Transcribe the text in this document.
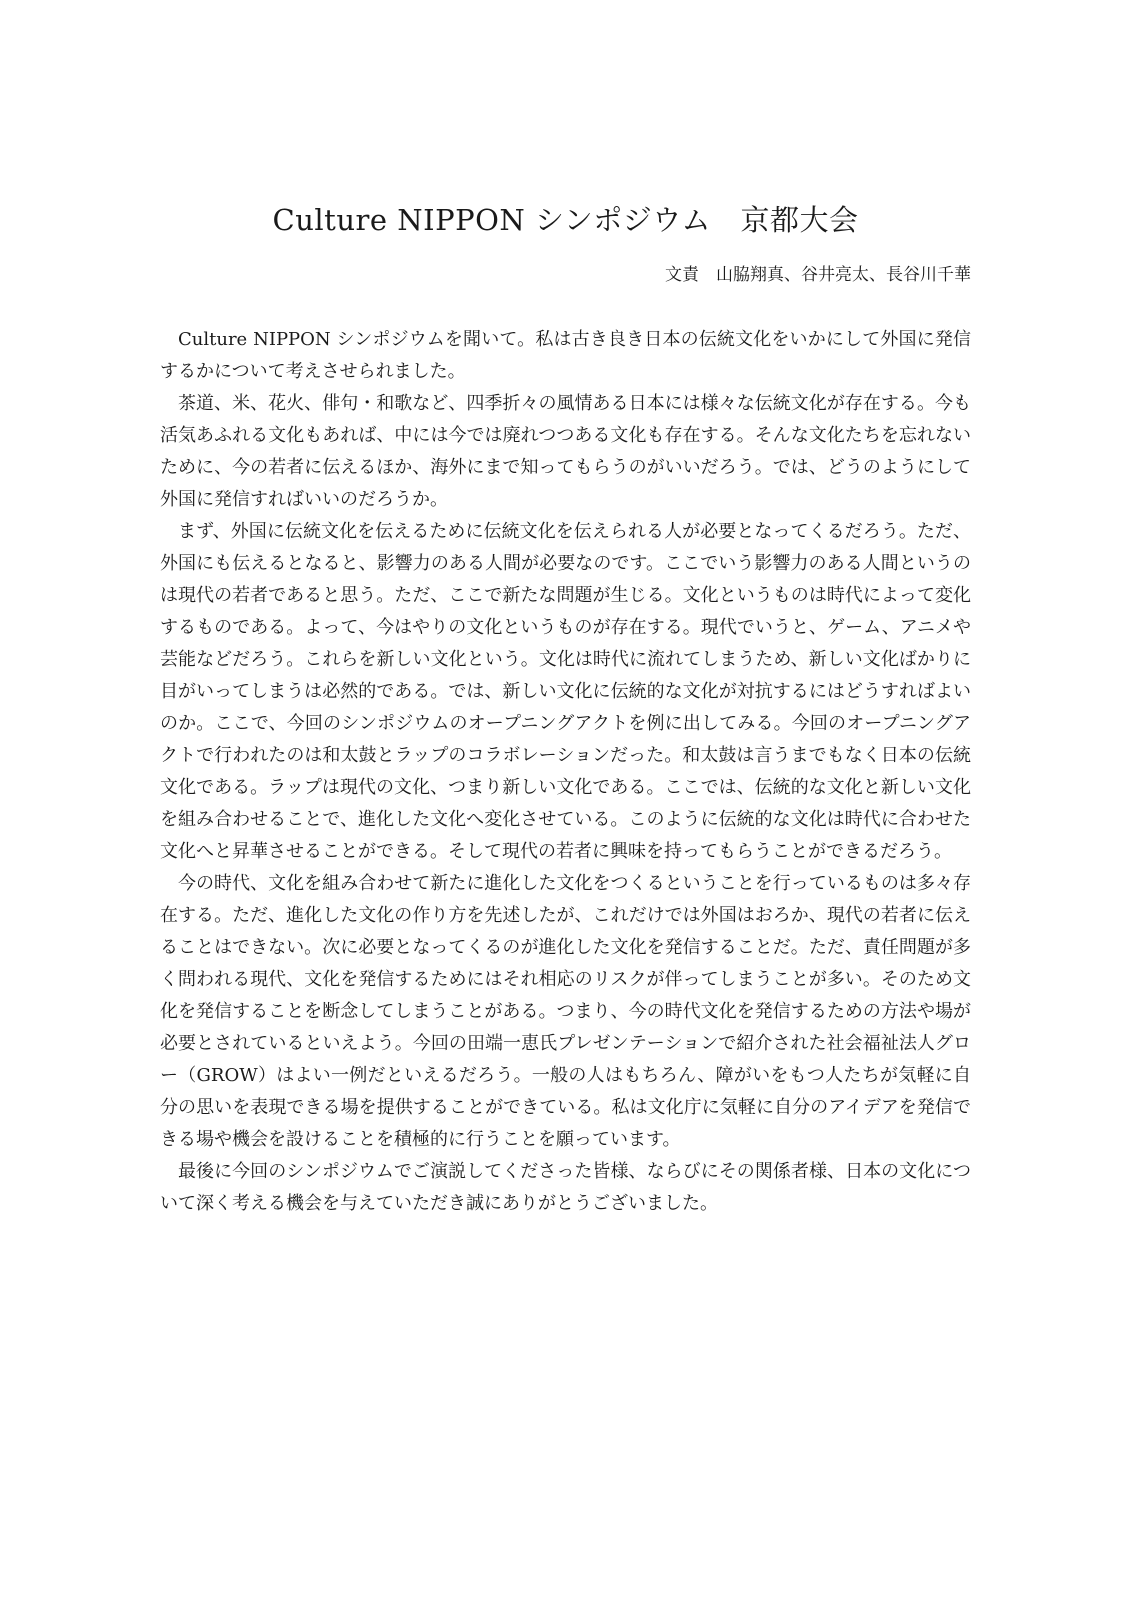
Culture NIPPON シンポジウム　京都大会

文責　山脇翔真、谷井亮太、長谷川千華

Culture NIPPON シンポジウムを聞いて。私は古き良き日本の伝統文化をいかにして外国に発信するかについて考えさせられました。

茶道、米、花火、俳句・和歌など、四季折々の風情ある日本には様々な伝統文化が存在する。今も活気あふれる文化もあれば、中には今では廃れつつある文化も存在する。そんな文化たちを忘れないために、今の若者に伝えるほか、海外にまで知ってもらうのがいいだろう。では、どうのようにして外国に発信すればいいのだろうか。

まず、外国に伝統文化を伝えるために伝統文化を伝えられる人が必要となってくるだろう。ただ、外国にも伝えるとなると、影響力のある人間が必要なのです。ここでいう影響力のある人間というのは現代の若者であると思う。ただ、ここで新たな問題が生じる。文化というものは時代によって変化するものである。よって、今はやりの文化というものが存在する。現代でいうと、ゲーム、アニメや芸能などだろう。これらを新しい文化という。文化は時代に流れてしまうため、新しい文化ばかりに目がいってしまうは必然的である。では、新しい文化に伝統的な文化が対抗するにはどうすればよいのか。ここで、今回のシンポジウムのオープニングアクトを例に出してみる。今回のオープニングアクトで行われたのは和太鼓とラップのコラボレーションだった。和太鼓は言うまでもなく日本の伝統文化である。ラップは現代の文化、つまり新しい文化である。ここでは、伝統的な文化と新しい文化を組み合わせることで、進化した文化へ変化させている。このように伝統的な文化は時代に合わせた文化へと昇華させることができる。そして現代の若者に興味を持ってもらうことができるだろう。

今の時代、文化を組み合わせて新たに進化した文化をつくるということを行っているものは多々存在する。ただ、進化した文化の作り方を先述したが、これだけでは外国はおろか、現代の若者に伝えることはできない。次に必要となってくるのが進化した文化を発信することだ。ただ、責任問題が多く問われる現代、文化を発信するためにはそれ相応のリスクが伴ってしまうことが多い。そのため文化を発信することを断念してしまうことがある。つまり、今の時代文化を発信するための方法や場が必要とされているといえよう。今回の田端一恵氏プレゼンテーションで紹介された社会福祉法人グロー（GROW）はよい一例だといえるだろう。一般の人はもちろん、障がいをもつ人たちが気軽に自分の思いを表現できる場を提供することができている。私は文化庁に気軽に自分のアイデアを発信できる場や機会を設けることを積極的に行うことを願っています。

最後に今回のシンポジウムでご演説してくださった皆様、ならびにその関係者様、日本の文化について深く考える機会を与えていただき誠にありがとうございました。
